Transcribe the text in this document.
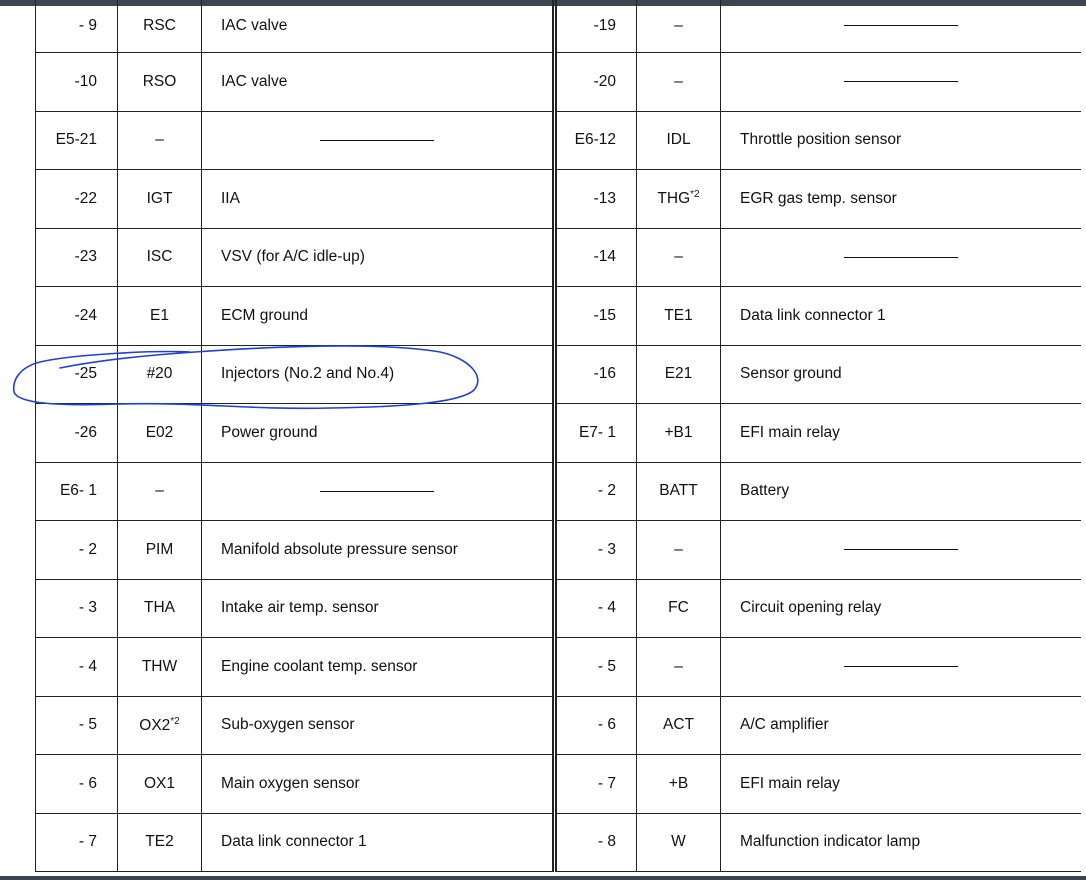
- 9	RSC	IAC valve	-19	–	
-10	RSO	IAC valve	-20	–	
E5-21	–		E6-12	IDL	Throttle position sensor
-22	IGT	IIA	-13	THG$^{*2}$	EGR gas temp. sensor
-23	ISC	VSV (for A/C idle-up)	-14	–	
-24	E1	ECM ground	-15	TE1	Data link connector 1
-25	#20	Injectors (No.2 and No.4)	-16	E21	Sensor ground
-26	E02	Power ground	E7- 1	+B1	EFI main relay
E6- 1	–		- 2	BATT	Battery
- 2	PIM	Manifold absolute pressure sensor	- 3	–	
- 3	THA	Intake air temp. sensor	- 4	FC	Circuit opening relay
- 4	THW	Engine coolant temp. sensor	- 5	–	
- 5	OX2$^{*2}$	Sub-oxygen sensor	- 6	ACT	A/C amplifier
- 6	OX1	Main oxygen sensor	- 7	+B	EFI main relay
- 7	TE2	Data link connector 1	- 8	W	Malfunction indicator lamp
